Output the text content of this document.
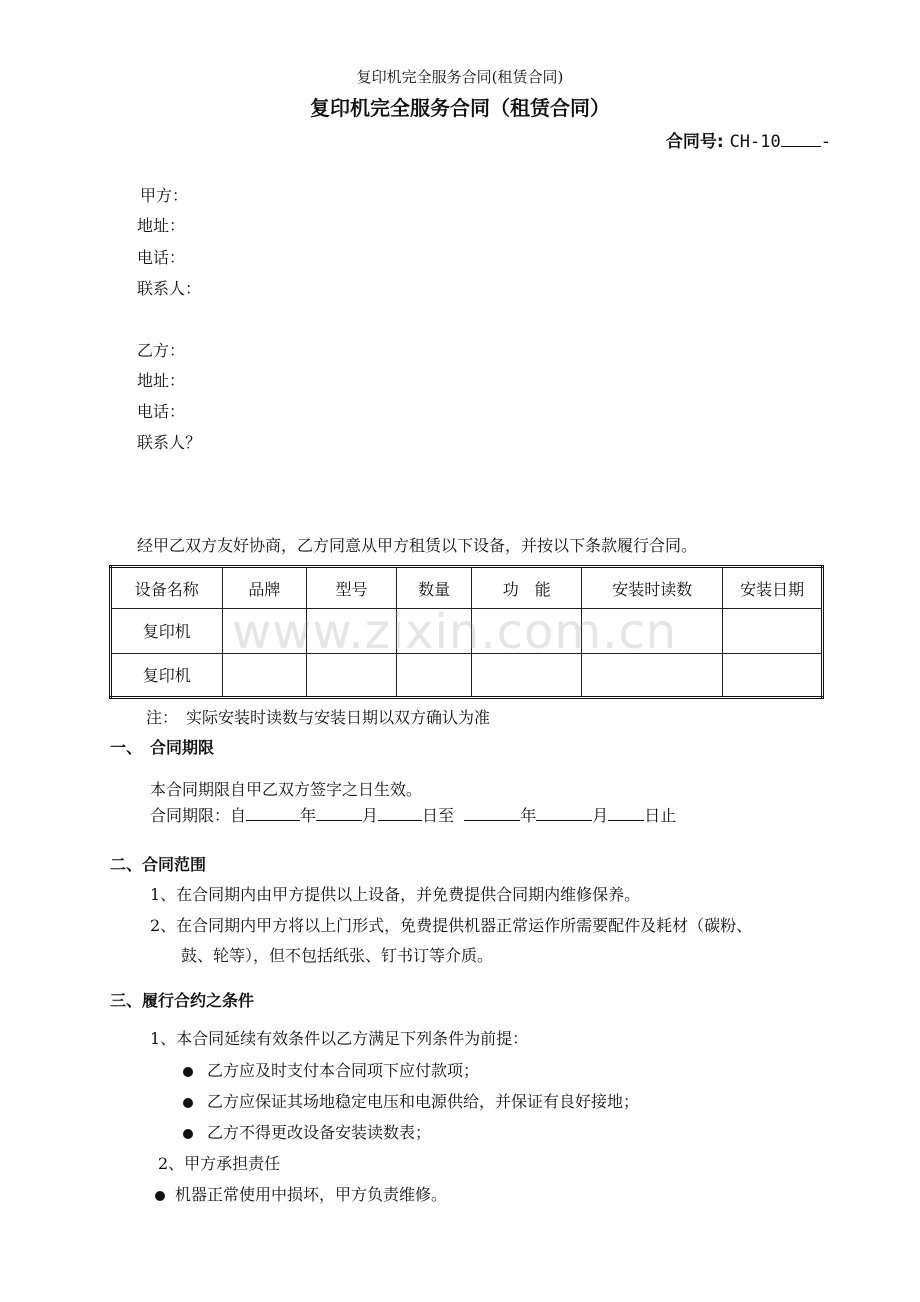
复印机完全服务合同(租赁合同)
复印机完全服务合同（租赁合同）
合同号: CH-10 -
甲方：
地址：
电话：
联系人：
乙方：
地址：
电话：
联系人？
经甲乙双方友好协商，乙方同意从甲方租赁以下设备，并按以下条款履行合同。
设备名称	品牌	型号	数量	功　能	安装时读数	安装日期
复印机						
复印机						
www.zixin.com.cn
注：　实际安装时读数与安装日期以双方确认为准
一、　合同期限
本合同期限自甲乙双方签字之日生效。
合同期限：自	年	月	日至	年	月 日止
二、合同范围
1、在合同期内由甲方提供以上设备，并免费提供合同期内维修保养。
2、在合同期内甲方将以上门形式，免费提供机器正常运作所需要配件及耗材（碳粉、
鼓、轮等），但不包括纸张、钉书订等介质。
三、履行合约之条件
1、本合同延续有效条件以乙方满足下列条件为前提：
乙方应及时支付本合同项下应付款项；
乙方应保证其场地稳定电压和电源供给，并保证有良好接地；
乙方不得更改设备安装读数表；
2、甲方承担责任
机器正常使用中损坏，甲方负责维修。
